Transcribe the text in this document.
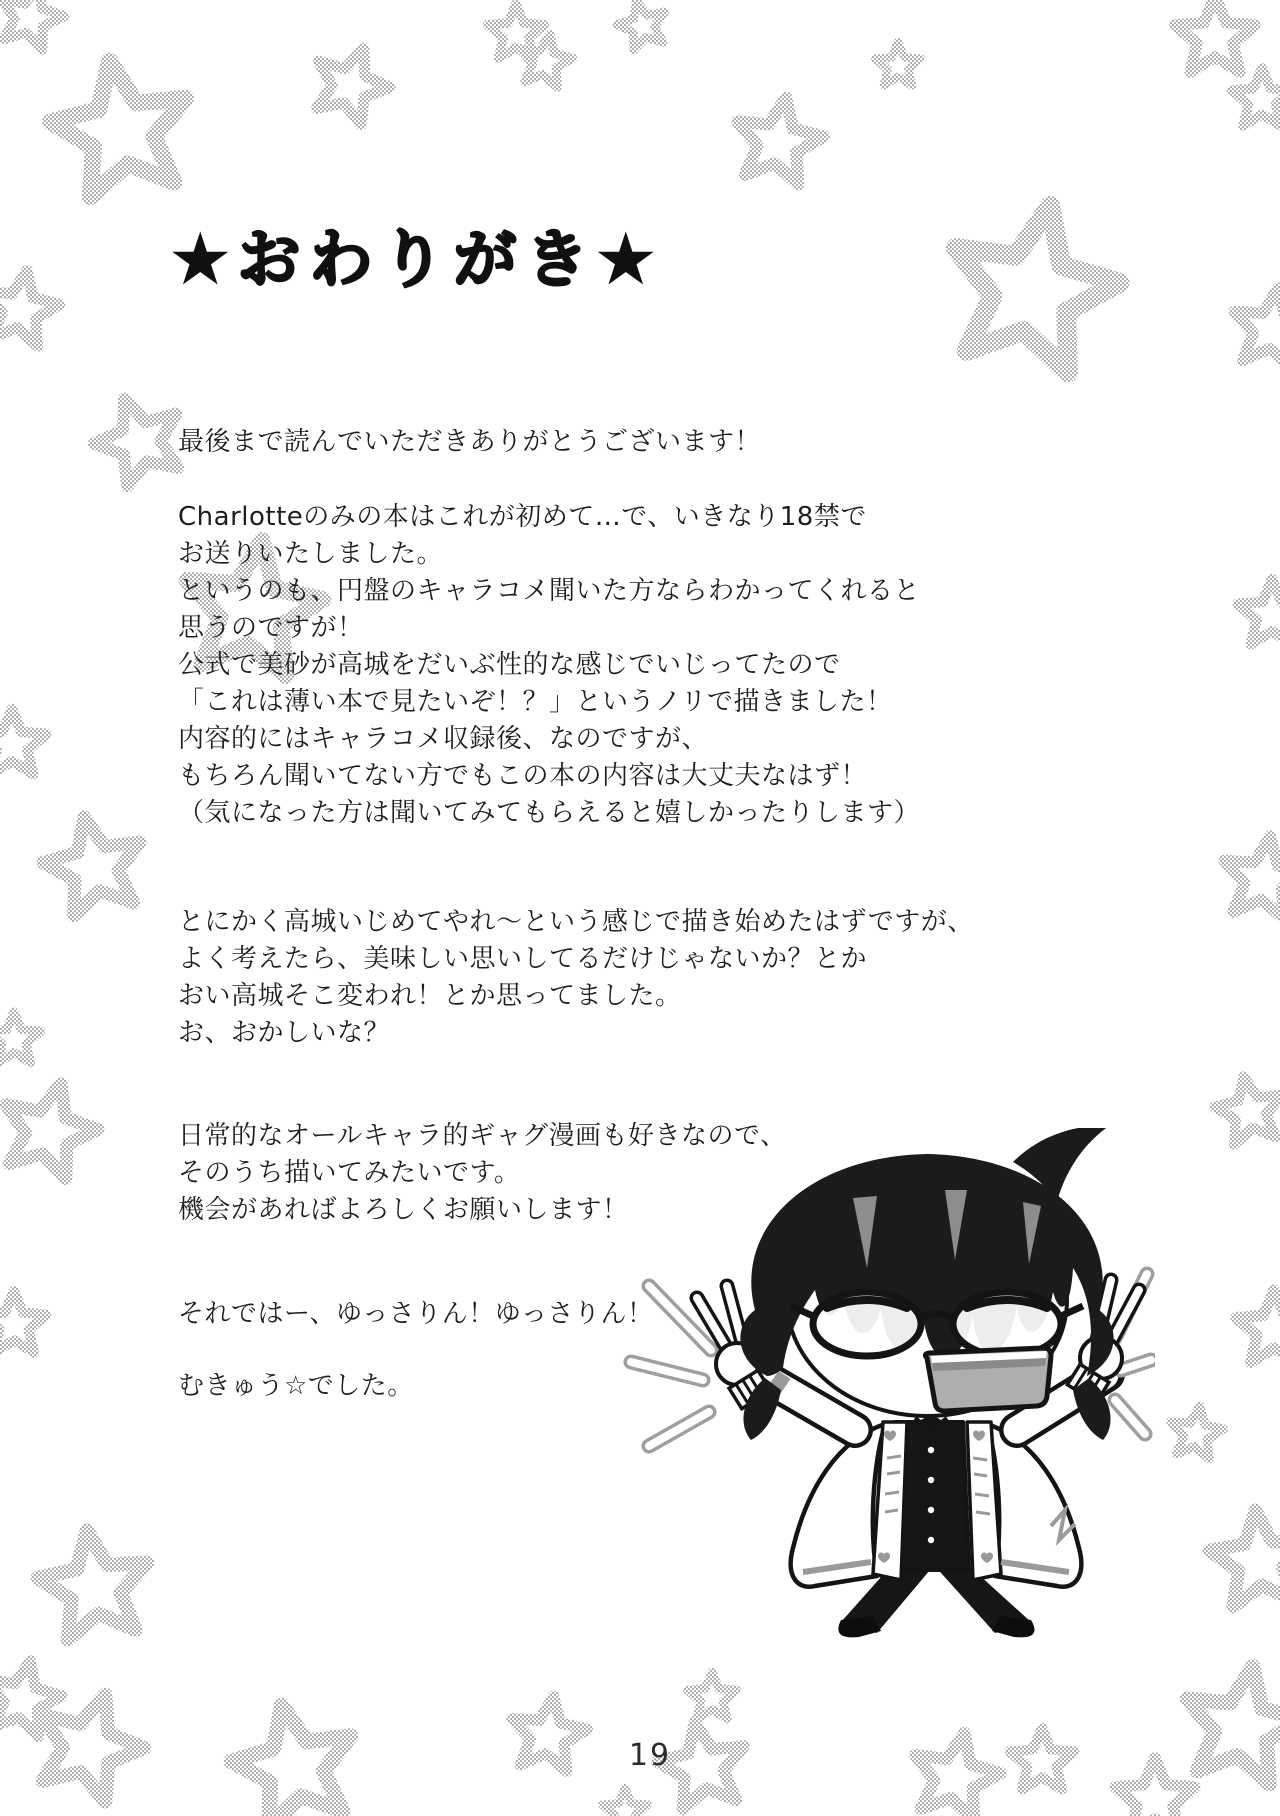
★おわりがき★
最後まで読んでいただきありがとうございます！
Charlotteのみの本はこれが初めて…で、いきなり18禁で
お送りいたしました。
というのも、円盤のキャラコメ聞いた方ならわかってくれると
思うのですが！
公式で美砂が高城をだいぶ性的な感じでいじってたので
「これは薄い本で見たいぞ！？」というノリで描きました！
内容的にはキャラコメ収録後、なのですが、
もちろん聞いてない方でもこの本の内容は大丈夫なはず！
（気になった方は聞いてみてもらえると嬉しかったりします）
とにかく高城いじめてやれ～という感じで描き始めたはずですが、
よく考えたら、美味しい思いしてるだけじゃないか？とか
おい高城そこ変われ！とか思ってました。
お、おかしいな？
日常的なオールキャラ的ギャグ漫画も好きなので、
そのうち描いてみたいです。
機会があればよろしくお願いします！
それではー、ゆっさりん！ゆっさりん！
むきゅう☆でした。
19
